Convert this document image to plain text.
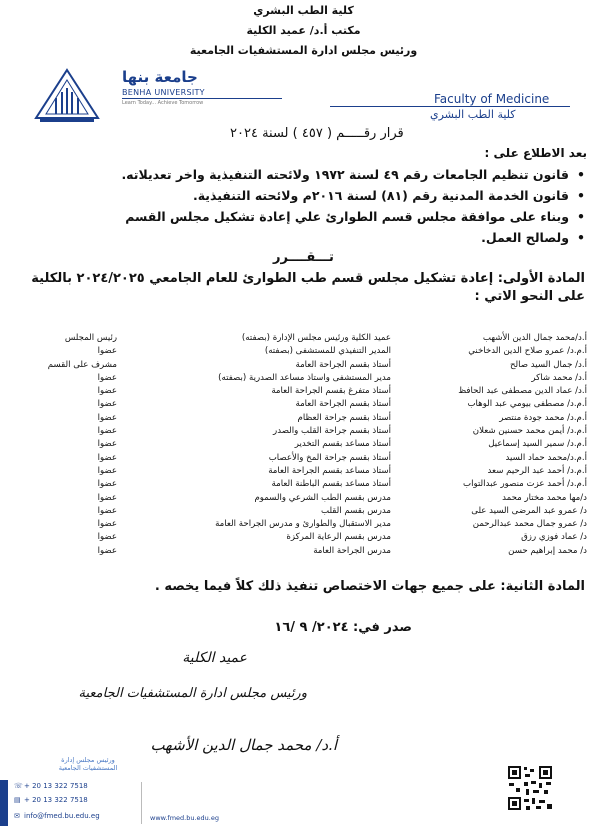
كلية الطب البشري
مكتب أ.د/ عميد الكلية
ورئيس مجلس ادارة المستشفيات الجامعية
جامعة بنها
BENHA UNIVERSITY
Learn Today... Achieve Tomorrow	Faculty of Medicine
كلية الطب البشري
قرار رقـــــم ( ٤٥٧ ) لسنة ٢٠٢٤
بعد الاطلاع على :
• قانون تنظيم الجامعات رقم ٤٩ لسنة ١٩٧٢ ولائحته التنفيذية واخر تعديلاته.
• قانون الخدمة المدنية رقم (٨١) لسنة ٢٠١٦م ولائحته التنفيذية.
• وبناء على موافقة مجلس قسم الطوارئ علي إعادة تشكيل مجلس القسم
• ولصالح العمل.
تـــقــــرر
المادة الأولى: إعادة تشكيل مجلس قسم طب الطوارئ للعام الجامعي ٢٠٢٤/٢٠٢٥ بالكلية على النحو الاتي :
أ.د/محمد جمال الدين الأشهب
عميد الكلية ورئيس مجلس الإدارة (بصفته)
رئيس المجلس
أ.م.د/ عمرو صلاح الدين الدخاخني
المدير التنفيذي للمستشفى (بصفته)
عضوا
أ.د/ جمال السيد صالح
أستاذ بقسم الجراحة العامة
مشرف على القسم
أ.د/ محمد شاكر
مدير المستشفى واستاذ مساعد الصدرية (بصفته)
عضوا
أ.د/ عماد الدين مصطفى عبد الحافظ
أستاذ متفرغ بقسم الجراحة العامة
عضوا
أ.م.د/ مصطفى بيومي عبد الوهاب
أستاذ بقسم الجراحة العامة
عضوا
أ.م.د/ محمد جودة منتصر
أستاذ بقسم جراحة العظام
عضوا
أ.م.د/ أيمن محمد حسنين شعلان
أستاذ بقسم جراحة القلب والصدر
عضوا
أ.م.د/ سمير السيد إسماعيل
أستاذ مساعد بقسم التخدير
عضوا
أ.م.د/محمد حماد السيد
أستاذ بقسم جراحة المخ والأعصاب
عضوا
أ.م.د/ أحمد عبد الرحيم سعد
أستاذ مساعد بقسم الجراحة العامة
عضوا
أ.م.د/ أحمد عزت منصور عبدالتواب
أستاذ مساعد بقسم الباطنة العامة
عضوا
د/مها محمد مختار محمد
مدرس بقسم الطب الشرعي والسموم
عضوا
د/ عمرو عبد المرضى السيد على
مدرس بقسم القلب
عضوا
د/ عمرو جمال محمد عبدالرحمن
مدير الاستقبال والطوارئ و مدرس الجراحة العامة
عضوا
د/ عماد فوزي رزق
مدرس بقسم الرعاية المركزة
عضوا
د/ محمد إبراهيم حسن
مدرس الجراحة العامة
عضوا
المادة الثانية: على جميع جهات الاختصاص تنفيذ ذلك كلاً فيما يخصه .
صدر في: ٢٠٢٤/ ٩ /١٦
عميد الكلية
ورئيس مجلس ادارة المستشفيات الجامعية
أ.د/ محمد جمال الدين الأشهب
ورئيس مجلس إدارة المستشفيات الجامعية
☏+ 20 13 322 7518
▤ + 20 13 322 7518
✉ info@fmed.bu.edu.eg	www.fmed.bu.edu.eg
